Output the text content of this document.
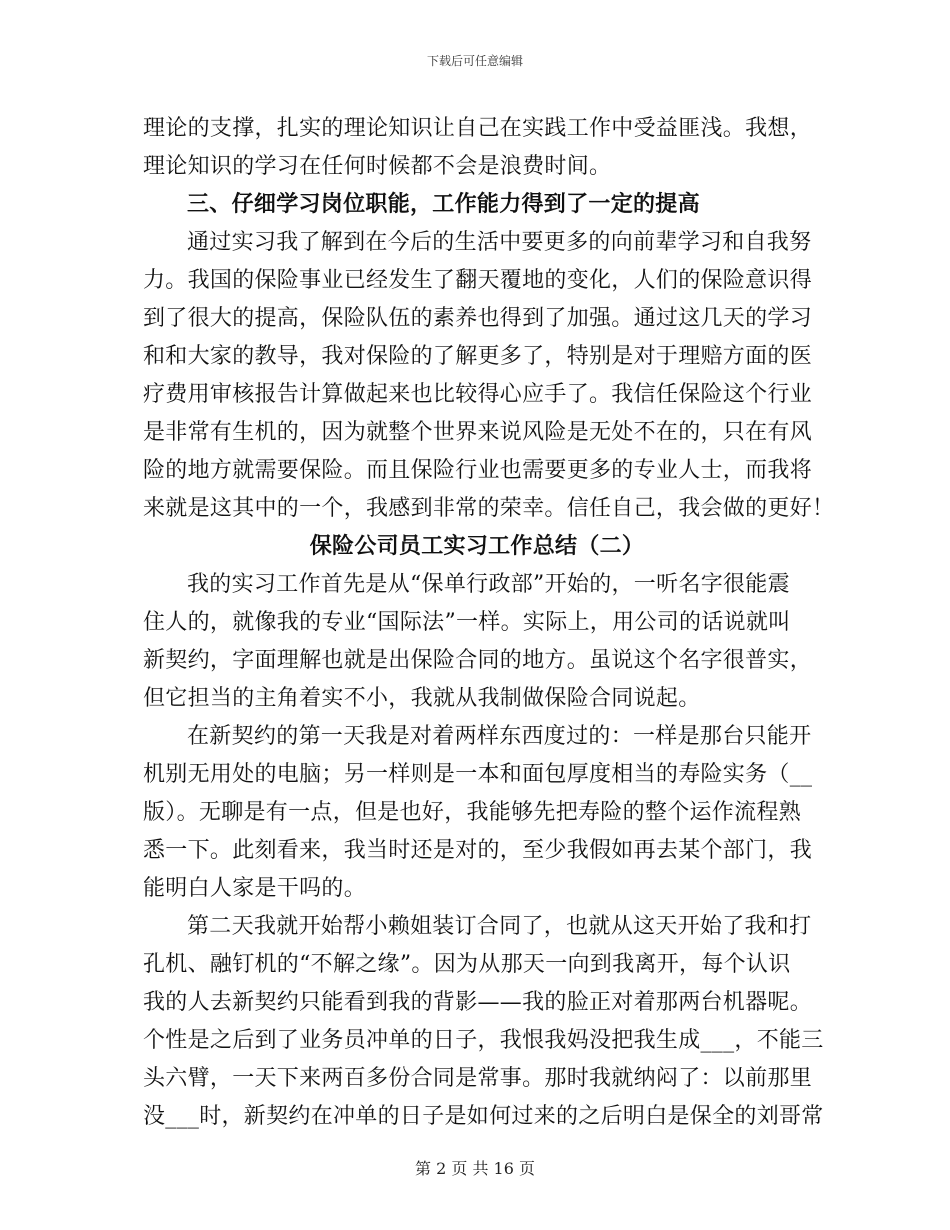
下载后可任意编辑
理论的支撑，扎实的理论知识让自己在实践工作中受益匪浅。我想，
理论知识的学习在任何时候都不会是浪费时间。
三、仔细学习岗位职能，工作能力得到了一定的提高
通过实习我了解到在今后的生活中要更多的向前辈学习和自我努
力。我国的保险事业已经发生了翻天覆地的变化，人们的保险意识得
到了很大的提高，保险队伍的素养也得到了加强。通过这几天的学习
和和大家的教导，我对保险的了解更多了，特别是对于理赔方面的医
疗费用审核报告计算做起来也比较得心应手了。我信任保险这个行业
是非常有生机的，因为就整个世界来说风险是无处不在的，只在有风
险的地方就需要保险。而且保险行业也需要更多的专业人士，而我将
来就是这其中的一个，我感到非常的荣幸。信任自己，我会做的更好！
保险公司员工实习工作总结（二）
我的实习工作首先是从“保单行政部”开始的，一听名字很能震
住人的，就像我的专业“国际法”一样。实际上，用公司的话说就叫
新契约，字面理解也就是出保险合同的地方。虽说这个名字很普实，
但它担当的主角着实不小，我就从我制做保险合同说起。
在新契约的第一天我是对着两样东西度过的：一样是那台只能开
机别无用处的电脑；另一样则是一本和面包厚度相当的寿险实务（__
版）。无聊是有一点，但是也好，我能够先把寿险的整个运作流程熟
悉一下。此刻看来，我当时还是对的，至少我假如再去某个部门，我
能明白人家是干吗的。
第二天我就开始帮小赖姐装订合同了，也就从这天开始了我和打
孔机、融钉机的“不解之缘”。因为从那天一向到我离开，每个认识
我的人去新契约只能看到我的背影——我的脸正对着那两台机器呢。
个性是之后到了业务员冲单的日子，我恨我妈没把我生成___，不能三
头六臂，一天下来两百多份合同是常事。那时我就纳闷了：以前那里
没___时，新契约在冲单的日子是如何过来的之后明白是保全的刘哥常
第 2 页 共 16 页
